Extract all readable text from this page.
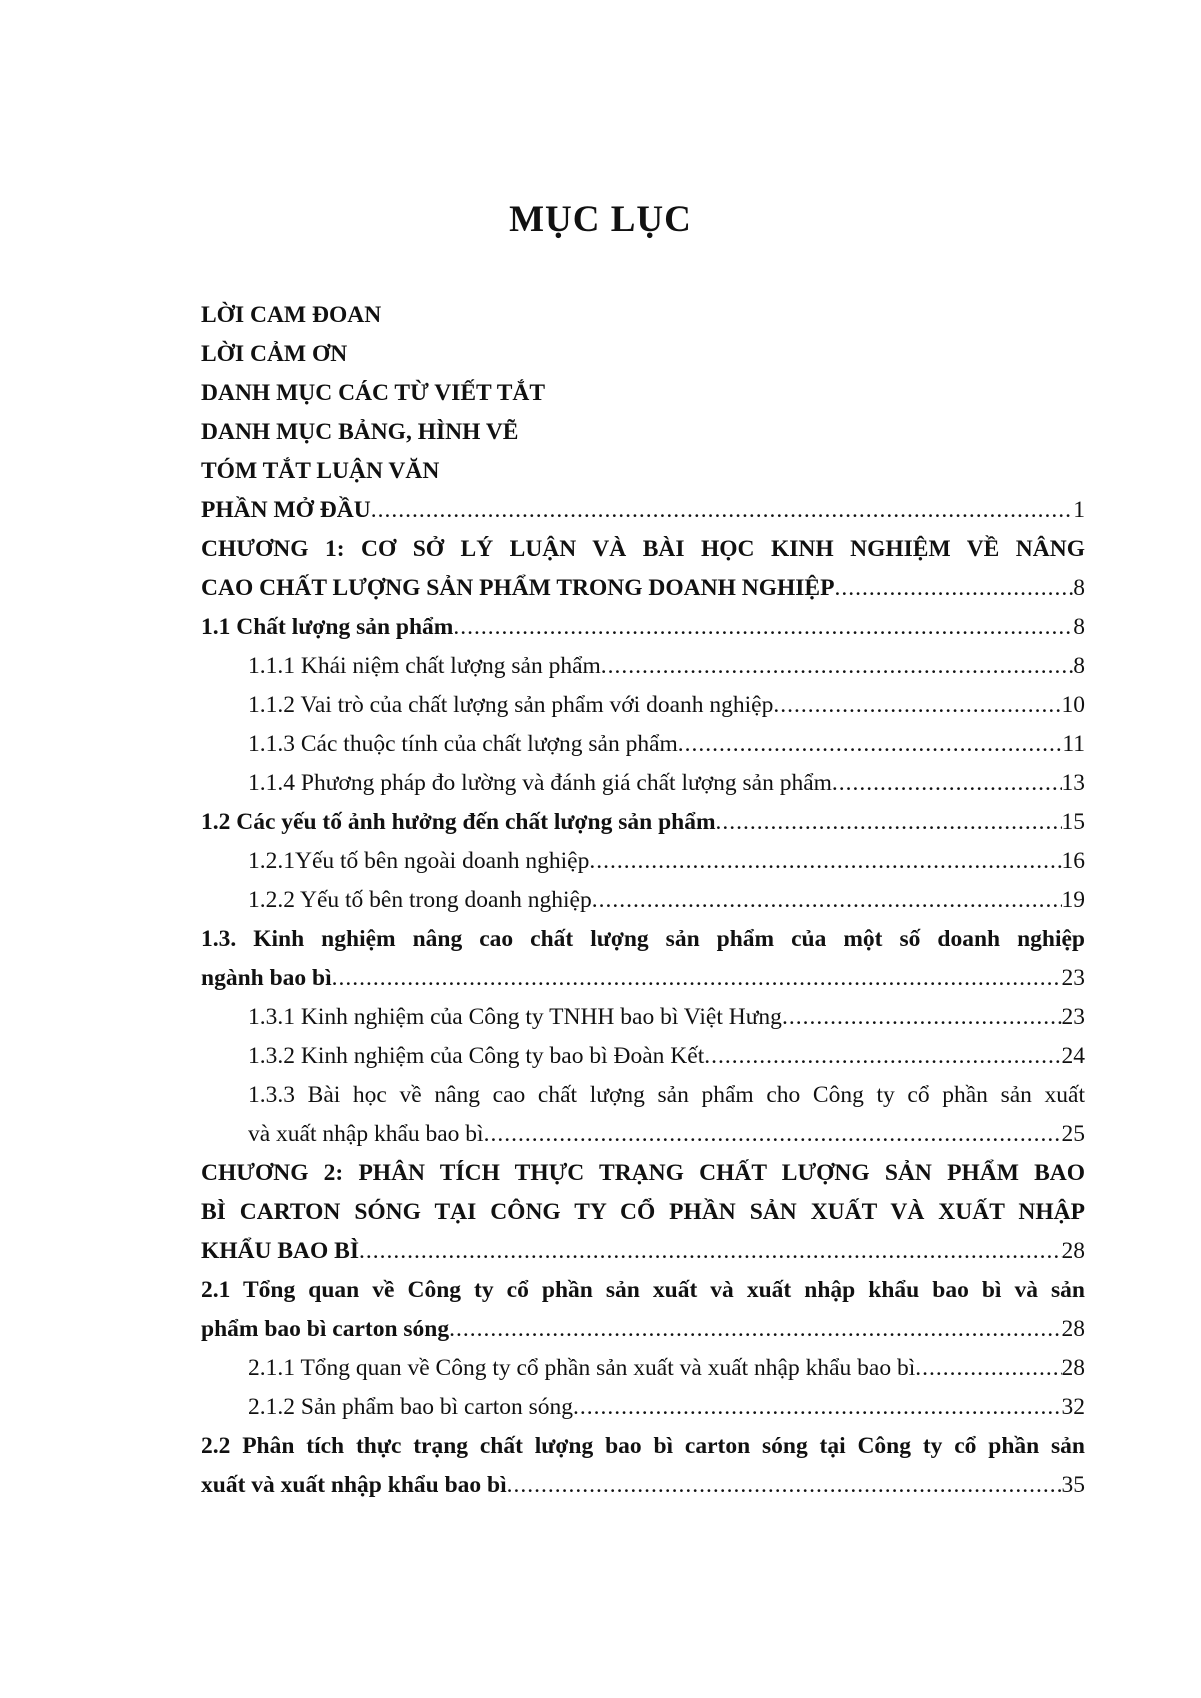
MỤC LỤC
LỜI CAM ĐOAN
LỜI CẢM ƠN
DANH MỤC CÁC TỪ VIẾT TẮT
DANH MỤC BẢNG, HÌNH VẼ
TÓM TẮT LUẬN VĂN
PHẦN MỞ ĐẦU .....	1
CHƯƠNG 1: CƠ SỞ LÝ LUẬN VÀ BÀI HỌC KINH NGHIỆM VỀ NÂNG
CAO CHẤT LƯỢNG SẢN PHẨM TRONG DOANH NGHIỆP .....	8
1.1 Chất lượng sản phẩm .....	8
1.1.1 Khái niệm chất lượng sản phẩm .....	8
1.1.2 Vai trò của chất lượng sản phẩm với doanh nghiệp .....	10
1.1.3 Các thuộc tính của chất lượng sản phẩm .....	11
1.1.4 Phương pháp đo lường và đánh giá chất lượng sản phẩm .....	13
1.2 Các yếu tố ảnh hưởng đến chất lượng sản phẩm .....	15
1.2.1Yếu tố bên ngoài doanh nghiệp .....	16
1.2.2 Yếu tố bên trong doanh nghiệp .....	19
1.3. Kinh nghiệm nâng cao chất lượng sản phẩm của một số doanh nghiệp
ngành bao bì .....	23
1.3.1 Kinh nghiệm của Công ty TNHH bao bì Việt Hưng .....	23
1.3.2 Kinh nghiệm của Công ty bao bì Đoàn Kết .....	24
1.3.3 Bài học về nâng cao chất lượng sản phẩm cho Công ty cổ phần sản xuất
và xuất nhập khẩu bao bì .....	25
CHƯƠNG 2: PHÂN TÍCH THỰC TRẠNG CHẤT LƯỢNG SẢN PHẨM BAO
BÌ CARTON SÓNG TẠI CÔNG TY CỔ PHẦN SẢN XUẤT VÀ XUẤT NHẬP
KHẨU BAO BÌ .....	28
2.1 Tổng quan về Công ty cổ phần sản xuất và xuất nhập khẩu bao bì và sản
phẩm bao bì carton sóng .....	28
2.1.1 Tổng quan về Công ty cổ phần sản xuất và xuất nhập khẩu bao bì .....	28
2.1.2 Sản phẩm bao bì carton sóng .....	32
2.2 Phân tích thực trạng chất lượng bao bì carton sóng tại Công ty cổ phần sản
xuất và xuất nhập khẩu bao bì .....	35
